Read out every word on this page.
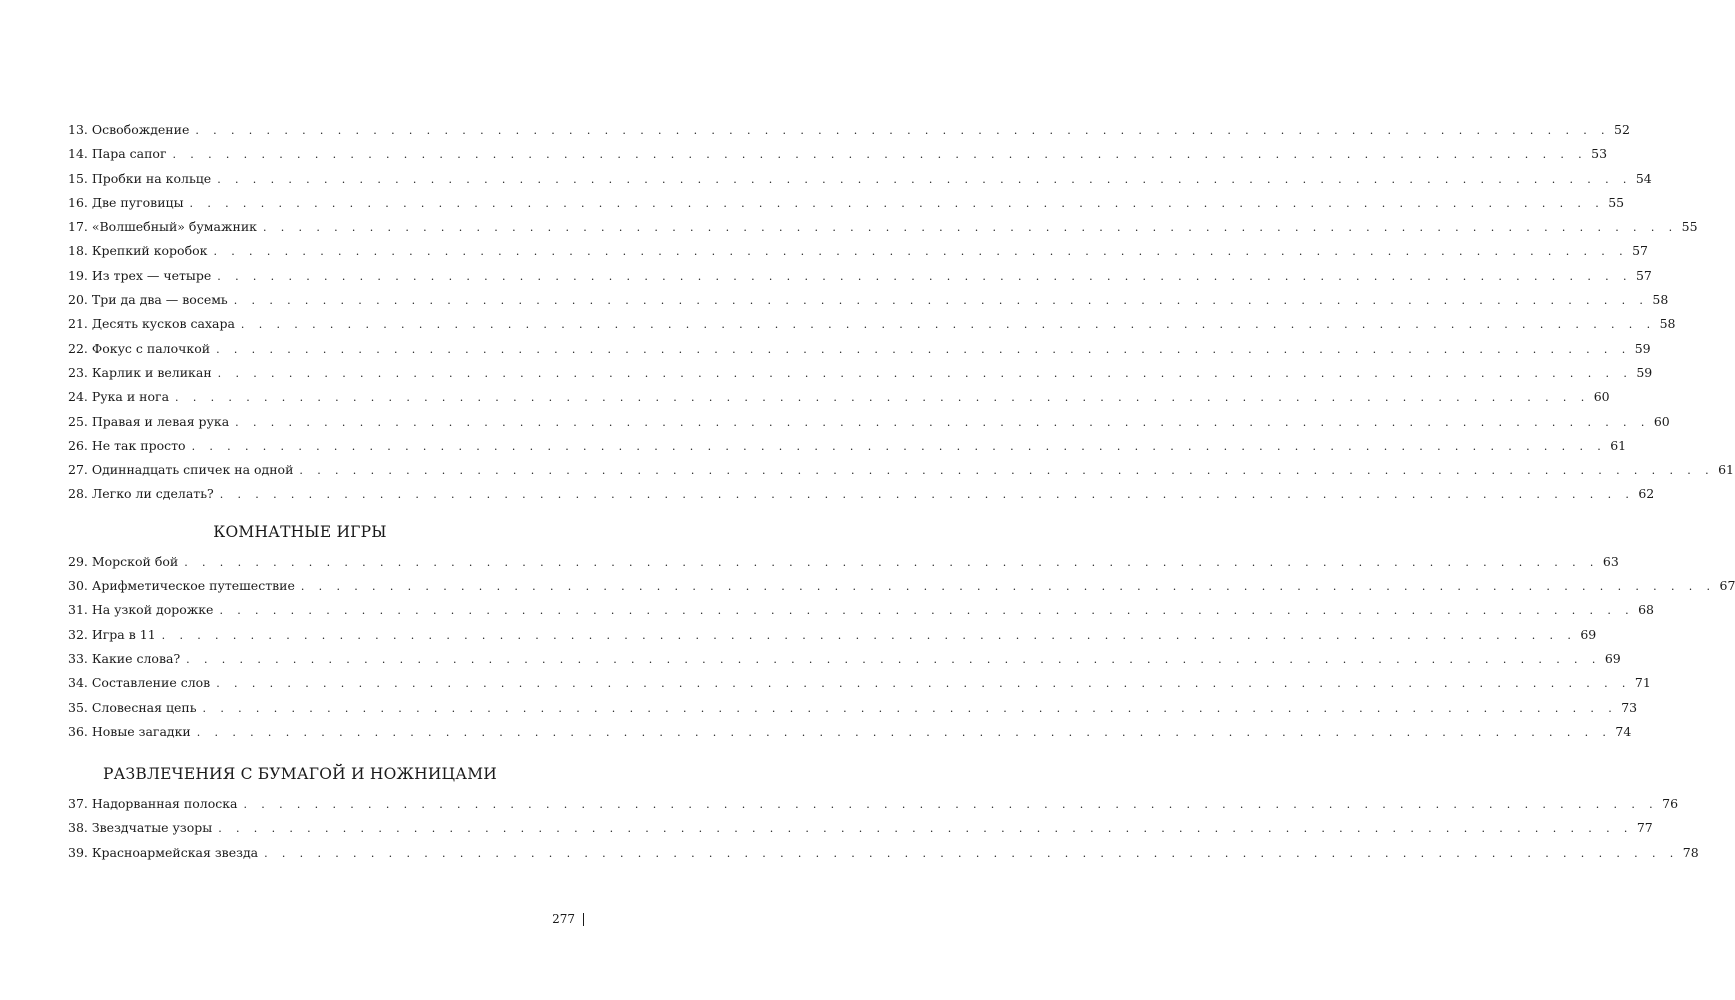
13. Освобождение . . . . . . . . . . . . . . . . . . . . . . . . . . . . . . . . . . . . . . . . . . . . . . . . . . . . . . . . . . . . . . . . . . . . . . . . . . . . . . . . 52
14. Пара сапог . . . . . . . . . . . . . . . . . . . . . . . . . . . . . . . . . . . . . . . . . . . . . . . . . . . . . . . . . . . . . . . . . . . . . . . . . . . . . . . . 53
15. Пробки на кольце . . . . . . . . . . . . . . . . . . . . . . . . . . . . . . . . . . . . . . . . . . . . . . . . . . . . . . . . . . . . . . . . . . . . . . . . . . . . . . . . 54
16. Две пуговицы . . . . . . . . . . . . . . . . . . . . . . . . . . . . . . . . . . . . . . . . . . . . . . . . . . . . . . . . . . . . . . . . . . . . . . . . . . . . . . . . 55
17. «Волшебный» бумажник . . . . . . . . . . . . . . . . . . . . . . . . . . . . . . . . . . . . . . . . . . . . . . . . . . . . . . . . . . . . . . . . . . . . . . . . . . . . . . . . 55
18. Крепкий коробок . . . . . . . . . . . . . . . . . . . . . . . . . . . . . . . . . . . . . . . . . . . . . . . . . . . . . . . . . . . . . . . . . . . . . . . . . . . . . . . . 57
19. Из трех — четыре . . . . . . . . . . . . . . . . . . . . . . . . . . . . . . . . . . . . . . . . . . . . . . . . . . . . . . . . . . . . . . . . . . . . . . . . . . . . . . . . 57
20. Три да два — восемь . . . . . . . . . . . . . . . . . . . . . . . . . . . . . . . . . . . . . . . . . . . . . . . . . . . . . . . . . . . . . . . . . . . . . . . . . . . . . . . . 58
21. Десять кусков сахара . . . . . . . . . . . . . . . . . . . . . . . . . . . . . . . . . . . . . . . . . . . . . . . . . . . . . . . . . . . . . . . . . . . . . . . . . . . . . . . . 58
22. Фокус с палочкой . . . . . . . . . . . . . . . . . . . . . . . . . . . . . . . . . . . . . . . . . . . . . . . . . . . . . . . . . . . . . . . . . . . . . . . . . . . . . . . . 59
23. Карлик и великан . . . . . . . . . . . . . . . . . . . . . . . . . . . . . . . . . . . . . . . . . . . . . . . . . . . . . . . . . . . . . . . . . . . . . . . . . . . . . . . . 59
24. Рука и нога . . . . . . . . . . . . . . . . . . . . . . . . . . . . . . . . . . . . . . . . . . . . . . . . . . . . . . . . . . . . . . . . . . . . . . . . . . . . . . . . 60
25. Правая и левая рука . . . . . . . . . . . . . . . . . . . . . . . . . . . . . . . . . . . . . . . . . . . . . . . . . . . . . . . . . . . . . . . . . . . . . . . . . . . . . . . . 60
26. Не так просто . . . . . . . . . . . . . . . . . . . . . . . . . . . . . . . . . . . . . . . . . . . . . . . . . . . . . . . . . . . . . . . . . . . . . . . . . . . . . . . . 61
27. Одиннадцать спичек на одной . . . . . . . . . . . . . . . . . . . . . . . . . . . . . . . . . . . . . . . . . . . . . . . . . . . . . . . . . . . . . . . . . . . . . . . . . . . . . . . . 61
28. Легко ли сделать? . . . . . . . . . . . . . . . . . . . . . . . . . . . . . . . . . . . . . . . . . . . . . . . . . . . . . . . . . . . . . . . . . . . . . . . . . . . . . . . . 62
КОМНАТНЫЕ ИГРЫ
29. Морской бой . . . . . . . . . . . . . . . . . . . . . . . . . . . . . . . . . . . . . . . . . . . . . . . . . . . . . . . . . . . . . . . . . . . . . . . . . . . . . . . . 63
30. Арифметическое путешествие . . . . . . . . . . . . . . . . . . . . . . . . . . . . . . . . . . . . . . . . . . . . . . . . . . . . . . . . . . . . . . . . . . . . . . . . . . . . . . . . 67
31. На узкой дорожке . . . . . . . . . . . . . . . . . . . . . . . . . . . . . . . . . . . . . . . . . . . . . . . . . . . . . . . . . . . . . . . . . . . . . . . . . . . . . . . . 68
32. Игра в 11 . . . . . . . . . . . . . . . . . . . . . . . . . . . . . . . . . . . . . . . . . . . . . . . . . . . . . . . . . . . . . . . . . . . . . . . . . . . . . . . . 69
33. Какие слова? . . . . . . . . . . . . . . . . . . . . . . . . . . . . . . . . . . . . . . . . . . . . . . . . . . . . . . . . . . . . . . . . . . . . . . . . . . . . . . . . 69
34. Составление слов . . . . . . . . . . . . . . . . . . . . . . . . . . . . . . . . . . . . . . . . . . . . . . . . . . . . . . . . . . . . . . . . . . . . . . . . . . . . . . . . 71
35. Словесная цепь . . . . . . . . . . . . . . . . . . . . . . . . . . . . . . . . . . . . . . . . . . . . . . . . . . . . . . . . . . . . . . . . . . . . . . . . . . . . . . . . 73
36. Новые загадки . . . . . . . . . . . . . . . . . . . . . . . . . . . . . . . . . . . . . . . . . . . . . . . . . . . . . . . . . . . . . . . . . . . . . . . . . . . . . . . . 74
РАЗВЛЕЧЕНИЯ С БУМАГОЙ И НОЖНИЦАМИ
37. Надорванная полоска . . . . . . . . . . . . . . . . . . . . . . . . . . . . . . . . . . . . . . . . . . . . . . . . . . . . . . . . . . . . . . . . . . . . . . . . . . . . . . . . 76
38. Звездчатые узоры . . . . . . . . . . . . . . . . . . . . . . . . . . . . . . . . . . . . . . . . . . . . . . . . . . . . . . . . . . . . . . . . . . . . . . . . . . . . . . . . 77
39. Красноармейская звезда . . . . . . . . . . . . . . . . . . . . . . . . . . . . . . . . . . . . . . . . . . . . . . . . . . . . . . . . . . . . . . . . . . . . . . . . . . . . . . . . 78
277
